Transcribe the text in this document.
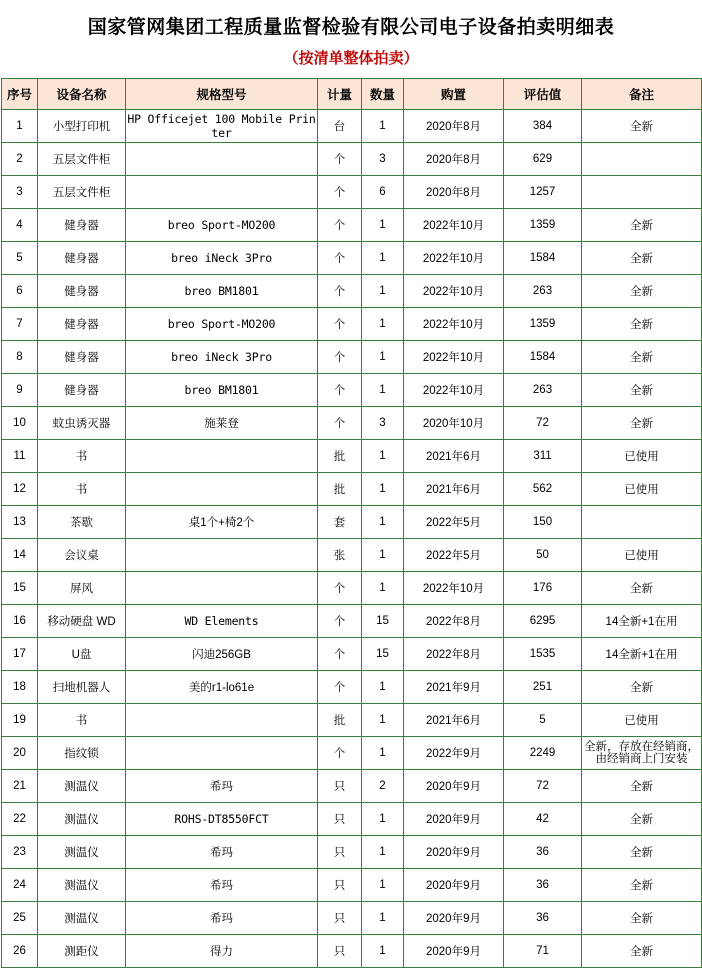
国家管网集团工程质量监督检验有限公司电子设备拍卖明细表
（按清单整体拍卖）
序号	设备名称	规格型号	计量	数量	购置	评估值	备注
1	小型打印机	HP Officejet 100 Mobile Printer	台	1	2020年8月	384	全新
2	五层文件柜		个	3	2020年8月	629	
3	五层文件柜		个	6	2020年8月	1257	
4	健身器	breo Sport-MO200	个	1	2022年10月	1359	全新
5	健身器	breo iNeck 3Pro	个	1	2022年10月	1584	全新
6	健身器	breo BM1801	个	1	2022年10月	263	全新
7	健身器	breo Sport-MO200	个	1	2022年10月	1359	全新
8	健身器	breo iNeck 3Pro	个	1	2022年10月	1584	全新
9	健身器	breo BM1801	个	1	2022年10月	263	全新
10	蚊虫诱灭器	施莱登	个	3	2020年10月	72	全新
11	书		批	1	2021年6月	311	已使用
12	书		批	1	2021年6月	562	已使用
13	茶歇	桌1个+椅2个	套	1	2022年5月	150	
14	会议桌		张	1	2022年5月	50	已使用
15	屏风		个	1	2022年10月	176	全新
16	移动硬盘 WD	WD Elements	个	15	2022年8月	6295	14全新+1在用
17	U盘	闪迪256GB	个	15	2022年8月	1535	14全新+1在用
18	扫地机器人	美的r1-lo61e	个	1	2021年9月	251	全新
19	书		批	1	2021年6月	5	已使用
20	指纹锁		个	1	2022年9月	2249	全新，存放在经销商，由经销商上门安装
21	测温仪	希玛	只	2	2020年9月	72	全新
22	测温仪	ROHS-DT8550FCT	只	1	2020年9月	42	全新
23	测温仪	希玛	只	1	2020年9月	36	全新
24	测温仪	希玛	只	1	2020年9月	36	全新
25	测温仪	希玛	只	1	2020年9月	36	全新
26	测距仪	得力	只	1	2020年9月	71	全新
